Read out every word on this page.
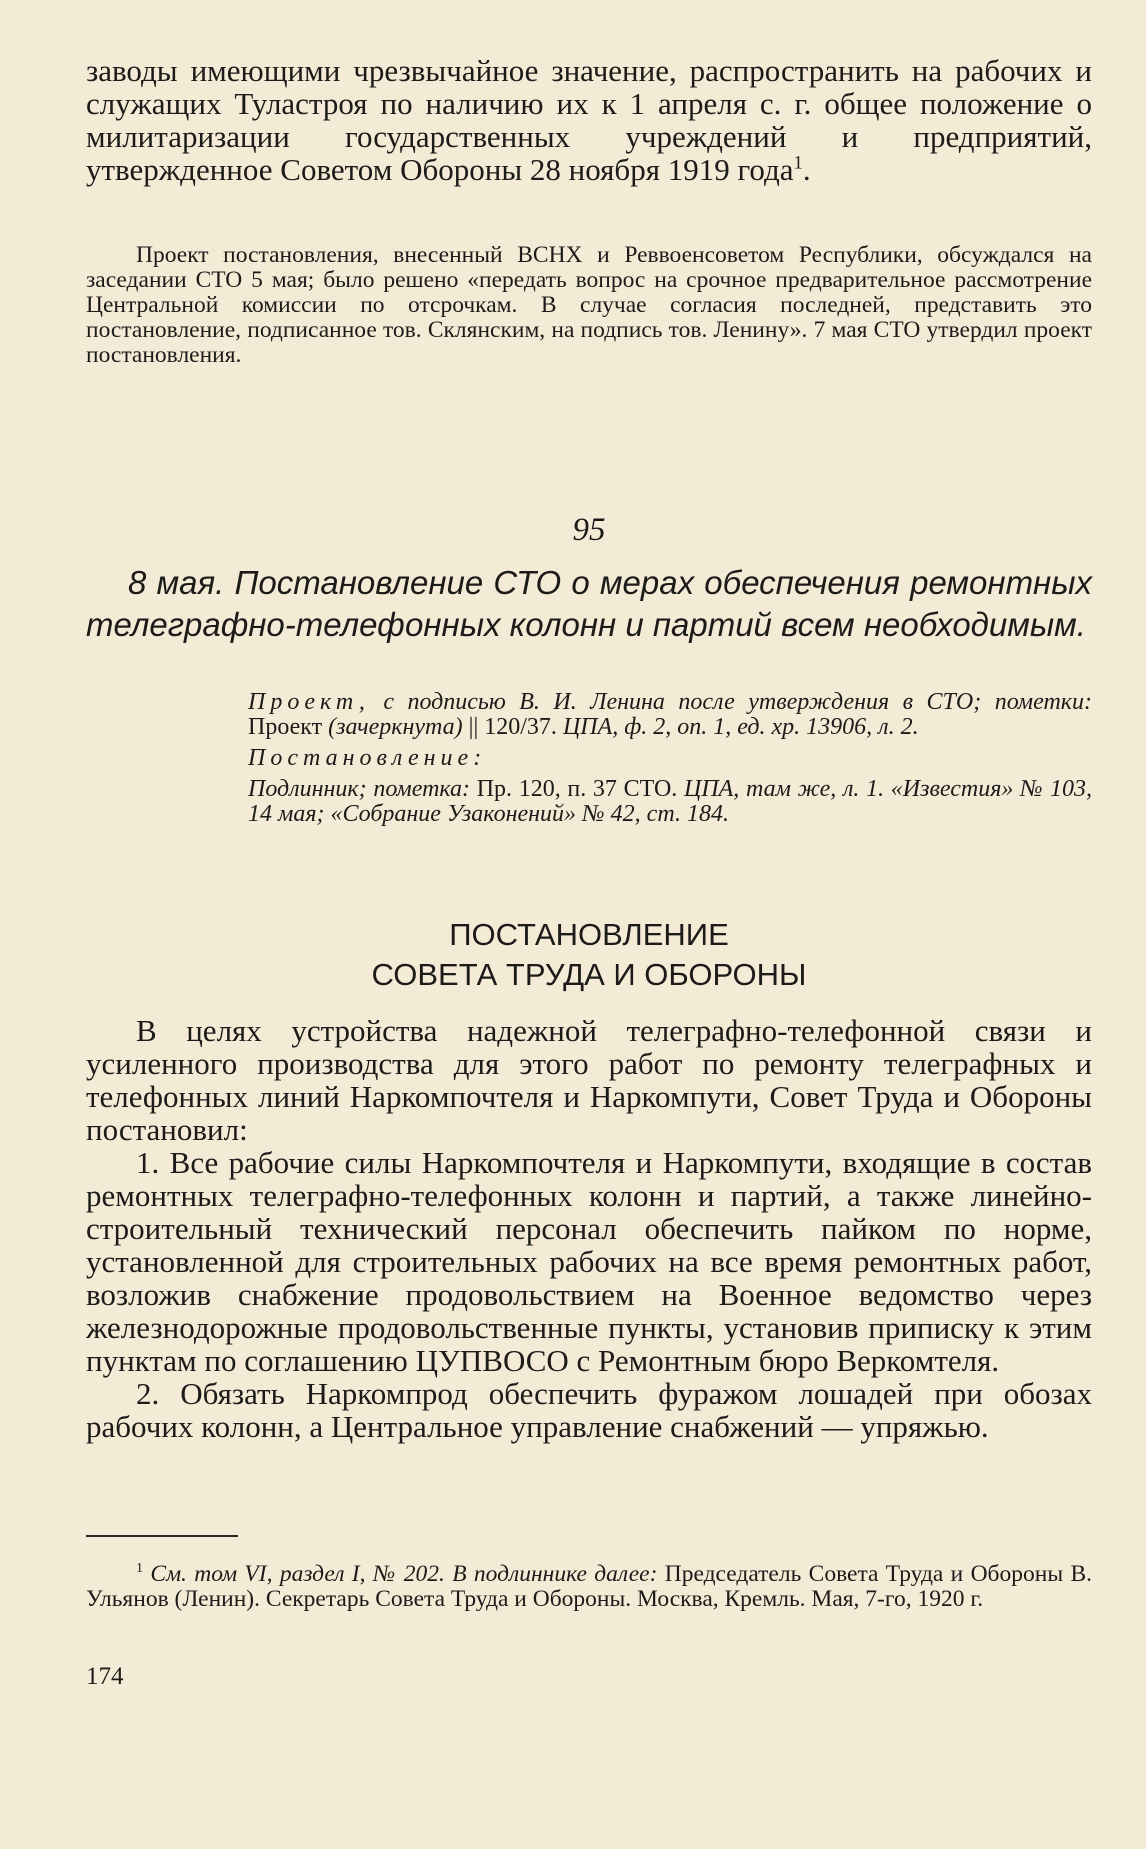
заводы имеющими чрезвычайное значение, распространить на рабочих и служащих Туластроя по наличию их к 1 апреля с. г. общее положение о милитаризации государственных учреждений и предприятий, утвержденное Советом Обороны 28 ноября 1919 года$^1$.

Проект постановления, внесенный ВСНХ и Реввоенсоветом Республики, обсуждался на заседании СТО 5 мая; было решено «передать вопрос на срочное предварительное рассмотрение Центральной комиссии по отсрочкам. В случае согласия последней, представить это постановление, подписанное тов. Склянским, на подпись тов. Ленину». 7 мая СТО утвердил проект постановления.

95

8 мая. Постановление СТО о мерах обеспечения ремонтных телеграфно-телефонных колонн и партий всем необходимым.

Проект, с подписью В. И. Ленина после утверждения в СТО; пометки: Проект (зачеркнута) || 120/37. ЦПА, ф. 2, оп. 1, ед. хр. 13906, л. 2.

Постановление:

Подлинник; пометка: Пр. 120, п. 37 СТО. ЦПА, там же, л. 1. «Известия» № 103, 14 мая; «Собрание Узаконений» № 42, ст. 184.

ПОСТАНОВЛЕНИЕ
СОВЕТА ТРУДА И ОБОРОНЫ

В целях устройства надежной телеграфно-телефонной связи и усиленного производства для этого работ по ремонту телеграфных и телефонных линий Наркомпочтеля и Наркомпути, Совет Труда и Обороны постановил:

1. Все рабочие силы Наркомпочтеля и Наркомпути, входящие в состав ремонтных телеграфно-телефонных колонн и партий, а также линейно-строительный технический персонал обеспечить пайком по норме, установленной для строительных рабочих на все время ремонтных работ, возложив снабжение продовольствием на Военное ведомство через железнодорожные продовольственные пункты, установив приписку к этим пунктам по соглашению ЦУПВОСО с Ремонтным бюро Веркомтеля.

2. Обязать Наркомпрод обеспечить фуражом лошадей при обозах рабочих колонн, а Центральное управление снабжений — упряжью.

$^1$ См. том VI, раздел I, № 202. В подлиннике далее: Председатель Совета Труда и Обороны В. Ульянов (Ленин). Секретарь Совета Труда и Обороны. Москва, Кремль. Мая, 7-го, 1920 г.

174
